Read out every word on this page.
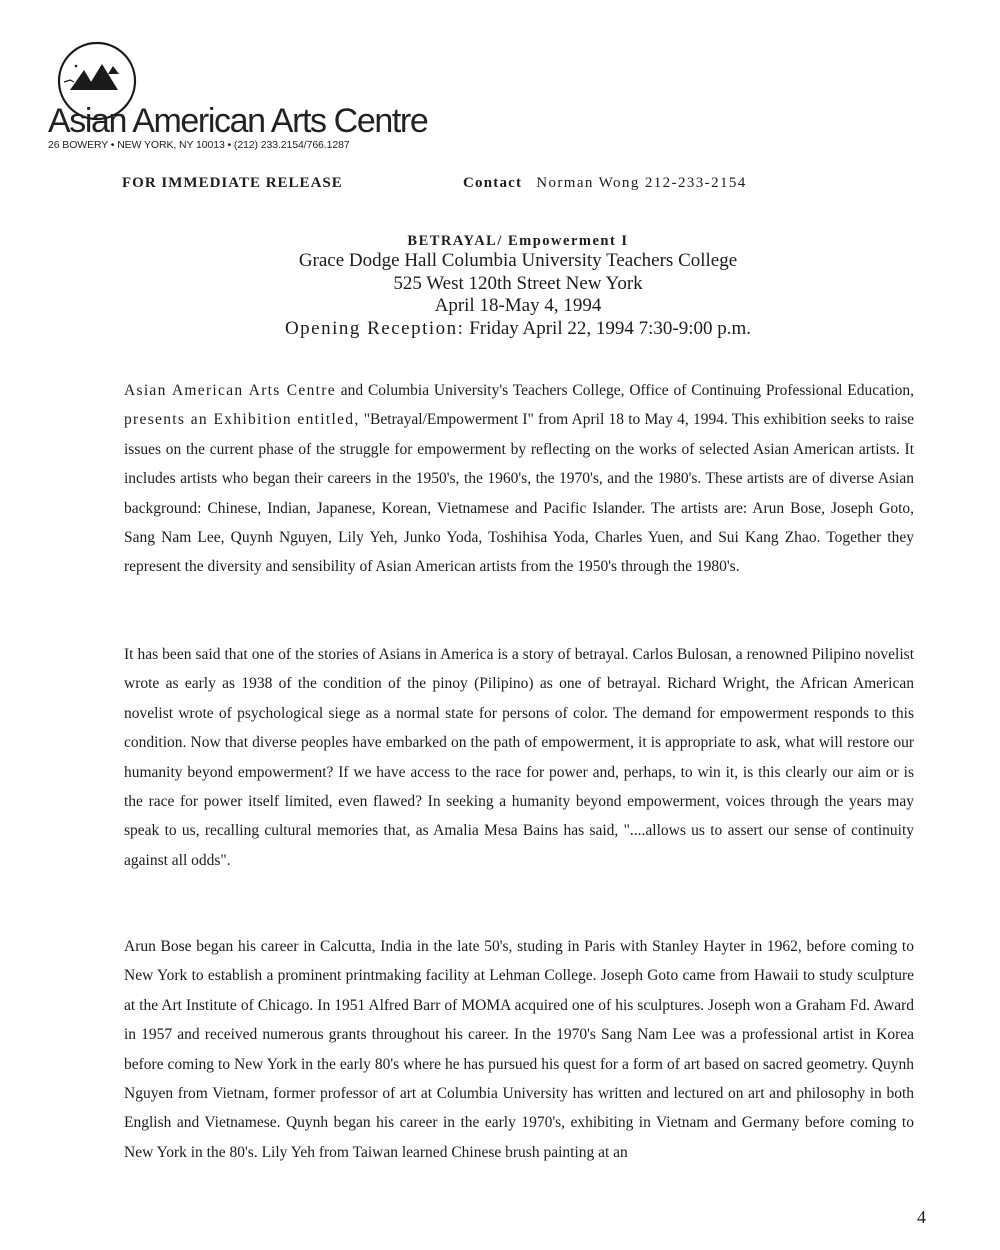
Asian American Arts Centre
26 BOWERY • NEW YORK, NY 10013 • (212) 233.2154/766.1287
FOR IMMEDIATE RELEASE	Contact Norman Wong 212-233-2154
BETRAYAL/ Empowerment I
Grace Dodge Hall Columbia University Teachers College
525 West 120th Street New York
April 18-May 4, 1994
Opening Reception: Friday April 22, 1994 7:30-9:00 p.m.

Asian American Arts Centre and Columbia University's Teachers College, Office of Continuing Professional Education, presents an Exhibition entitled, "Betrayal/Empowerment I" from April 18 to May 4, 1994. This exhibition seeks to raise issues on the current phase of the struggle for empowerment by reflecting on the works of selected Asian American artists. It includes artists who began their careers in the 1950's, the 1960's, the 1970's, and the 1980's. These artists are of diverse Asian background: Chinese, Indian, Japanese, Korean, Vietnamese and Pacific Islander. The artists are: Arun Bose, Joseph Goto, Sang Nam Lee, Quynh Nguyen, Lily Yeh, Junko Yoda, Toshihisa Yoda, Charles Yuen, and Sui Kang Zhao. Together they represent the diversity and sensibility of Asian American artists from the 1950's through the 1980's.

It has been said that one of the stories of Asians in America is a story of betrayal. Carlos Bulosan, a renowned Pilipino novelist wrote as early as 1938 of the condition of the pinoy (Pilipino) as one of betrayal. Richard Wright, the African American novelist wrote of psychological siege as a normal state for persons of color. The demand for empowerment responds to this condition. Now that diverse peoples have embarked on the path of empowerment, it is appropriate to ask, what will restore our humanity beyond empowerment? If we have access to the race for power and, perhaps, to win it, is this clearly our aim or is the race for power itself limited, even flawed? In seeking a humanity beyond empowerment, voices through the years may speak to us, recalling cultural memories that, as Amalia Mesa Bains has said, "....allows us to assert our sense of continuity against all odds".

Arun Bose began his career in Calcutta, India in the late 50's, studing in Paris with Stanley Hayter in 1962, before coming to New York to establish a prominent printmaking facility at Lehman College. Joseph Goto came from Hawaii to study sculpture at the Art Institute of Chicago. In 1951 Alfred Barr of MOMA acquired one of his sculptures. Joseph won a Graham Fd. Award in 1957 and received numerous grants throughout his career. In the 1970's Sang Nam Lee was a professional artist in Korea before coming to New York in the early 80's where he has pursued his quest for a form of art based on sacred geometry. Quynh Nguyen from Vietnam, former professor of art at Columbia University has written and lectured on art and philosophy in both English and Vietnamese. Quynh began his career in the early 1970's, exhibiting in Vietnam and Germany before coming to New York in the 80's. Lily Yeh from Taiwan learned Chinese brush painting at an

4
